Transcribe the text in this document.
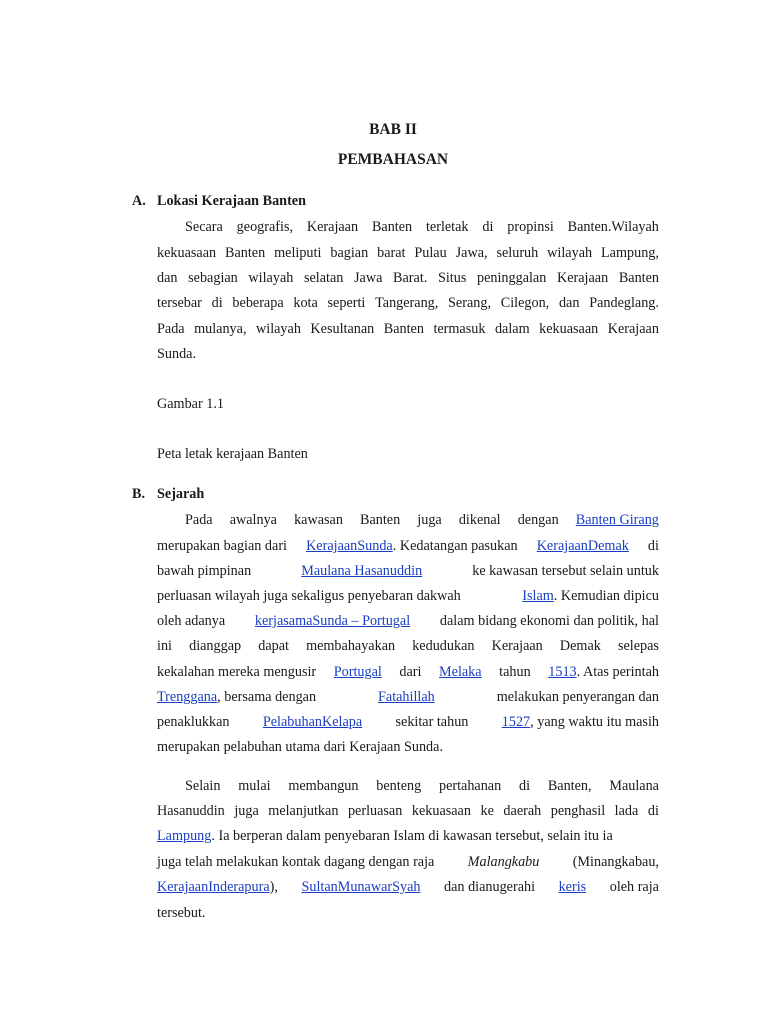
BAB II
PEMBAHASAN
A. Lokasi Kerajaan Banten
Secara geografis, Kerajaan Banten terletak di propinsi Banten.Wilayah
kekuasaan Banten meliputi bagian barat Pulau Jawa, seluruh wilayah Lampung,
dan sebagian wilayah selatan Jawa Barat. Situs peninggalan Kerajaan Banten
tersebar di beberapa kota seperti Tangerang, Serang, Cilegon, dan Pandeglang.
Pada mulanya, wilayah Kesultanan Banten termasuk dalam kekuasaan Kerajaan
Sunda.
Gambar 1.1
Peta letak kerajaan Banten
B. Sejarah
Pada awalnya kawasan Banten juga dikenal dengan Banten Girang
merupakan bagian dari KerajaanSunda. Kedatangan pasukan KerajaanDemak di
bawah pimpinan	Maulana Hasanuddin	ke kawasan tersebut selain untuk
perluasan wilayah juga sekaligus penyebaran dakwah	Islam. Kemudian dipicu
oleh adanya kerjasamaSunda – Portugal dalam bidang ekonomi dan politik, hal
ini dianggap dapat membahayakan kedudukan Kerajaan Demak selepas
kekalahan mereka mengusir Portugal dari Melaka tahun 1513. Atas perintah
Trenggana, bersama dengan	Fatahillah	melakukan penyerangan dan
penaklukkan PelabuhanKelapa sekitar tahun 1527, yang waktu itu masih
merupakan pelabuhan utama dari Kerajaan Sunda.
Selain mulai membangun benteng pertahanan di Banten, Maulana
Hasanuddin juga melanjutkan perluasan kekuasaan ke daerah penghasil lada di
Lampung. Ia berperan dalam penyebaran Islam di kawasan tersebut, selain itu ia
juga telah melakukan kontak dagang dengan raja Malangkabu (Minangkabau,
KerajaanInderapura), SultanMunawarSyah dan dianugerahi keris oleh raja
tersebut.
